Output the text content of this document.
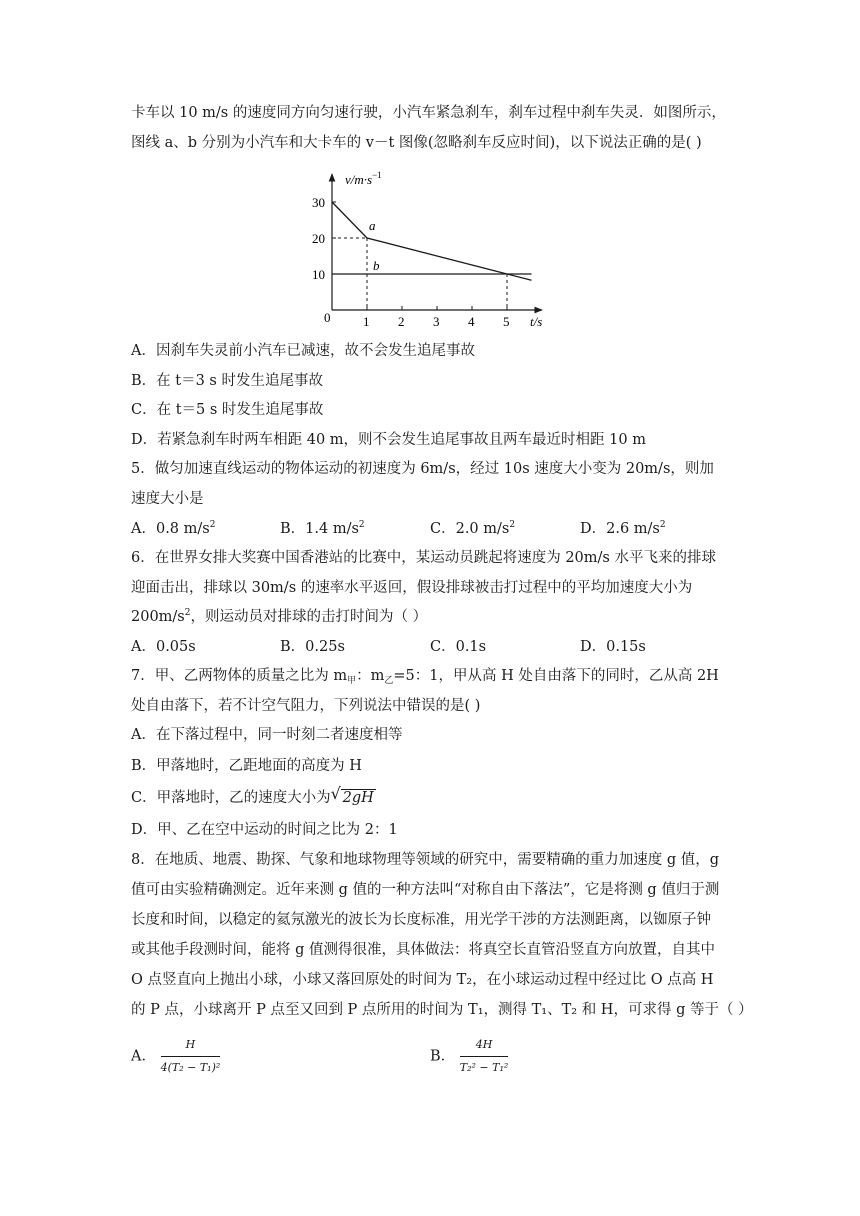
卡车以 10 m/s 的速度同方向匀速行驶，小汽车紧急刹车，刹车过程中刹车失灵．如图所示，
图线 a、b 分别为小汽车和大卡车的 v－t 图像(忽略刹车反应时间)，以下说法正确的是( )
1 2 3 4 5
10
20
30
a
b
$v/m\cdot s^{-1}$
t/s
0
A．因刹车失灵前小汽车已减速，故不会发生追尾事故
B．在 t＝3 s 时发生追尾事故
C．在 t＝5 s 时发生追尾事故
D．若紧急刹车时两车相距 40 m，则不会发生追尾事故且两车最近时相距 10 m
5．做匀加速直线运动的物体运动的初速度为 6m/s，经过 10s 速度大小变为 20m/s，则加
速度大小是
A．0.8 $m/s^2$	B．1.4 $m/s^2$	C．2.0 $m/s^2$	D．2.6 $m/s^2$
6．在世界女排大奖赛中国香港站的比赛中，某运动员跳起将速度为 20m/s 水平飞来的排球
迎面击出，排球以 30m/s 的速率水平返回，假设排球被击打过程中的平均加速度大小为
$200m/s^2$，则运动员对排球的击打时间为（ ）
A．0.05s	B．0.25s	C．0.1s	D．0.15s
7．甲、乙两物体的质量之比为 $m_甲$：$m_乙=5$：1，甲从高 H 处自由落下的同时，乙从高 2H
处自由落下，若不计空气阻力，下列说法中错误的是( )
A．在下落过程中，同一时刻二者速度相等
B．甲落地时，乙距地面的高度为 H
C．甲落地时，乙的速度大小为 √ 2gH
D．甲、乙在空中运动的时间之比为 2：1
8．在地质、地震、勘探、气象和地球物理等领域的研究中，需要精确的重力加速度 g 值，g
值可由实验精确测定。近年来测 g 值的一种方法叫“对称自由下落法”，它是将测 g 值归于测
长度和时间，以稳定的氦氖激光的波长为长度标准，用光学干涉的方法测距离，以铷原子钟
或其他手段测时间，能将 g 值测得很准，具体做法：将真空长直管沿竖直方向放置，自其中
O 点竖直向上抛出小球，小球又落回原处的时间为 T₂，在小球运动过程中经过比 O 点高 H
的 P 点，小球离开 P 点至又回到 P 点所用的时间为 T₁，测得 T₁、T₂ 和 H，可求得 g 等于（ ）
A． $\frac{H}{\text{4(T₂ − T₁)²}}$	B． $\frac{4H}{\text{T₂² − T₁²}}$
